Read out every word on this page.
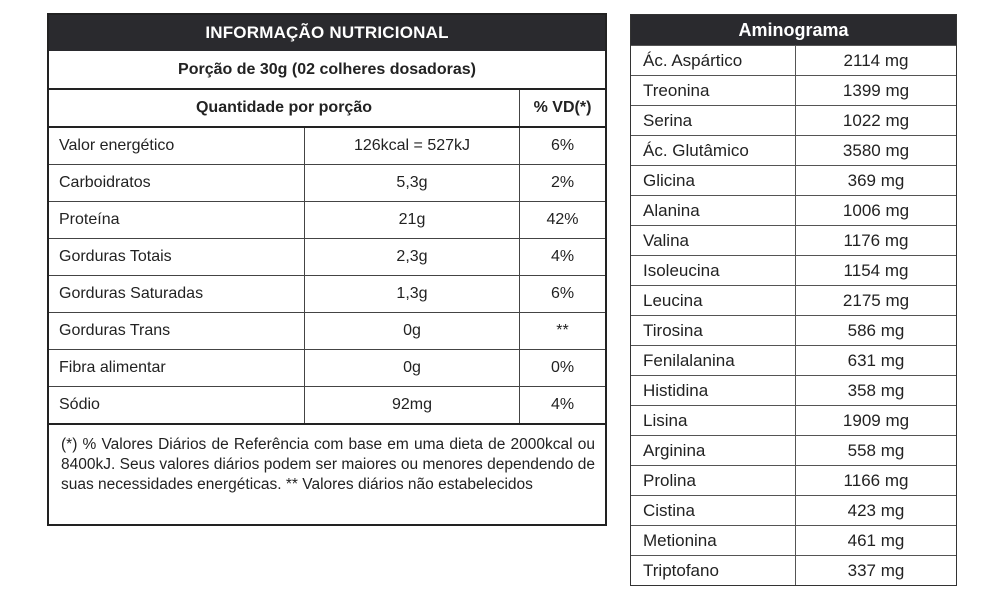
INFORMAÇÃO NUTRICIONAL
Porção de 30g (02 colheres dosadoras)
Quantidade por porção	% VD(*)
Valor energético	126kcal = 527kJ	6%
Carboidratos	5,3g	2%
Proteína	21g	42%
Gorduras Totais	2,3g	4%
Gorduras Saturadas	1,3g	6%
Gorduras Trans	0g	**
Fibra alimentar	0g	0%
Sódio	92mg	4%
(*) % Valores Diários de Referência com base em uma dieta de 2000kcal ou 8400kJ. Seus valores diários podem ser maiores ou menores dependendo de suas necessidades energéticas. ** Valores diários não estabelecidos
Aminograma
Ác. Aspártico	2114 mg
Treonina	1399 mg
Serina	1022 mg
Ác. Glutâmico	3580 mg
Glicina	369 mg
Alanina	1006 mg
Valina	1176 mg
Isoleucina	1154 mg
Leucina	2175 mg
Tirosina	586 mg
Fenilalanina	631 mg
Histidina	358 mg
Lisina	1909 mg
Arginina	558 mg
Prolina	1166 mg
Cistina	423 mg
Metionina	461 mg
Triptofano	337 mg
